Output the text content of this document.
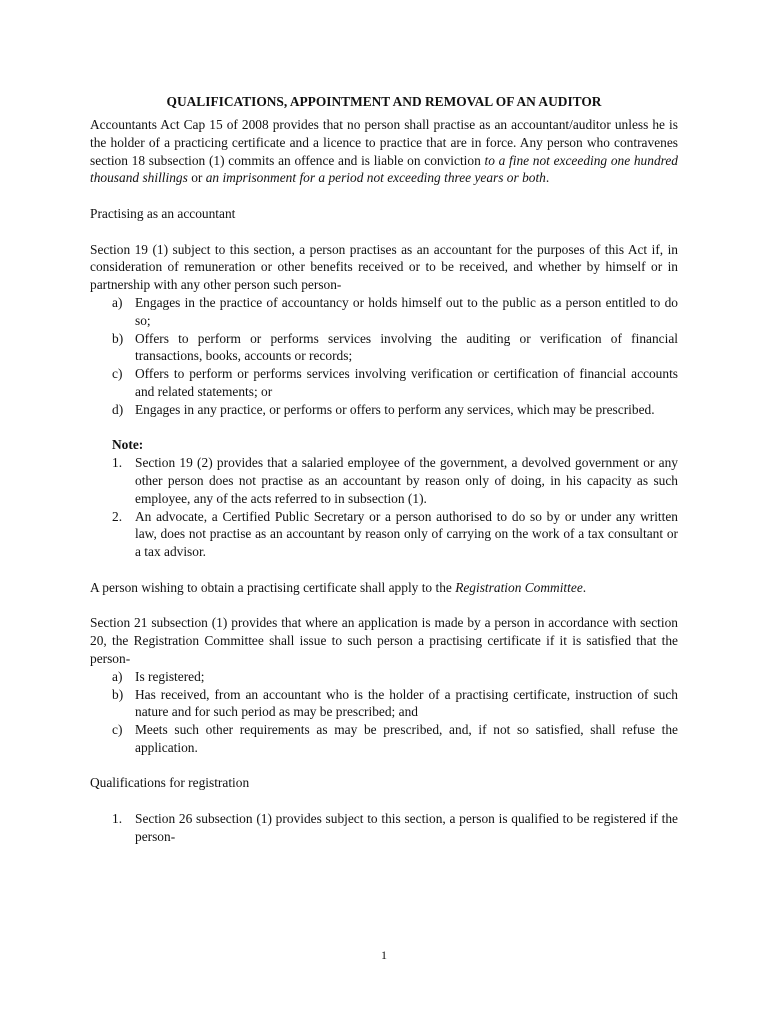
QUALIFICATIONS, APPOINTMENT AND REMOVAL OF AN AUDITOR

Accountants Act Cap 15 of 2008 provides that no person shall practise as an accountant/auditor unless he is the holder of a practicing certificate and a licence to practice that are in force. Any person who contravenes section 18 subsection (1) commits an offence and is liable on conviction to a fine not exceeding one hundred thousand shillings or an imprisonment for a period not exceeding three years or both.

Practising as an accountant

Section 19 (1) subject to this section, a person practises as an accountant for the purposes of this Act if, in consideration of remuneration or other benefits received or to be received, and whether by himself or in partnership with any other person such person-

a) Engages in the practice of accountancy or holds himself out to the public as a person entitled to do so;
b) Offers to perform or performs services involving the auditing or verification of financial transactions, books, accounts or records;
c) Offers to perform or performs services involving verification or certification of financial accounts and related statements; or
d) Engages in any practice, or performs or offers to perform any services, which may be prescribed.

Note:

1. Section 19 (2) provides that a salaried employee of the government, a devolved government or any other person does not practise as an accountant by reason only of doing, in his capacity as such employee, any of the acts referred to in subsection (1).
2. An advocate, a Certified Public Secretary or a person authorised to do so by or under any written law, does not practise as an accountant by reason only of carrying on the work of a tax consultant or a tax advisor.

A person wishing to obtain a practising certificate shall apply to the Registration Committee.

Section 21 subsection (1) provides that where an application is made by a person in accordance with section 20, the Registration Committee shall issue to such person a practising certificate if it is satisfied that the person-

a) Is registered;
b) Has received, from an accountant who is the holder of a practising certificate, instruction of such nature and for such period as may be prescribed; and
c) Meets such other requirements as may be prescribed, and, if not so satisfied, shall refuse the application.

Qualifications for registration

1. Section 26 subsection (1) provides subject to this section, a person is qualified to be registered if the person-
1
